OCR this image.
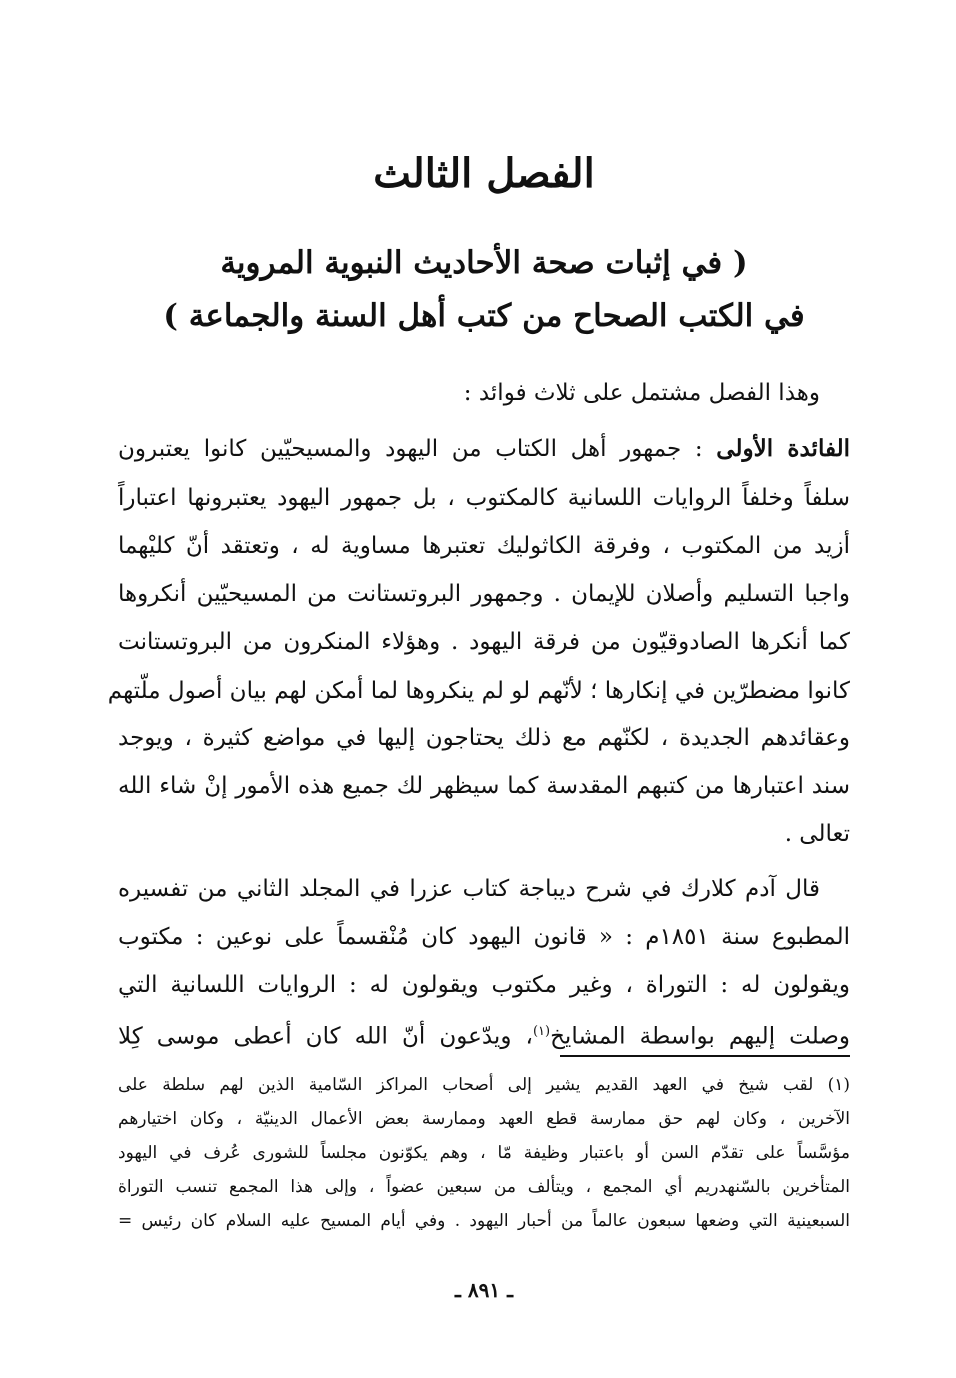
الفصل الثالث
( في إثبات صحة الأحاديث النبوية المروية
في الكتب الصحاح من كتب أهل السنة والجماعة )
وهذا الفصل مشتمل على ثلاث فوائد :
الفائدة الأولى : جمهور أهل الكتاب من اليهود والمسيحيّين كانوا يعتبرون
سلفاً وخلفاً الروايات اللسانية كالمكتوب ، بل جمهور اليهود يعتبرونها اعتباراً
أزيد من المكتوب ، وفرقة الكاثوليك تعتبرها مساوية له ، وتعتقد أنّ كليْهما
واجبا التسليم وأصلان للإيمان . وجمهور البروتستانت من المسيحيّين أنكروها
كما أنكرها الصادوقيّون من فرقة اليهود . وهؤلاء المنكرون من البروتستانت
كانوا مضطرّين في إنكارها ؛ لأنّهم لو لم ينكروها لما أمكن لهم بيان أصول ملّتهم
وعقائدهم الجديدة ، لكنّهم مع ذلك يحتاجون إليها في مواضع كثيرة ، ويوجد
سند اعتبارها من كتبهم المقدسة كما سيظهر لك جميع هذه الأمور إنْ شاء الله
تعالى .
قال آدم كلارك في شرح ديباجة كتاب عزرا في المجلد الثاني من تفسيره
المطبوع سنة ١٨٥١م : « قانون اليهود كان مُنْقسماً على نوعين : مكتوب
ويقولون له : التوراة ، وغير مكتوب ويقولون له : الروايات اللسانية التي
وصلت إليهم بواسطة المشايخ$^{(١)}$، ويدّعون أنّ الله كان أعطى موسى كِلا
(١) لقب شيخ في العهد القديم يشير إلى أصحاب المراكز السّامية الذين لهم سلطة على
الآخرين ، وكان لهم حق ممارسة قطع العهد وممارسة بعض الأعمال الدينيّة ، وكان اختيارهم
مؤسَّساً على تقدّم السن أو باعتبار وظيفة مّا ، وهم يكوّنون مجلساً للشورى عُرف في اليهود
المتأخرين بالسّنهدريم أي المجمع ، ويتألف من سبعين عضواً ، وإلى هذا المجمع تنسب التوراة
السبعينية التي وضعها سبعون عالماً من أحبار اليهود . وفي أيام المسيح عليه السلام كان رئيس =
ـ ٨٩١ ـ
